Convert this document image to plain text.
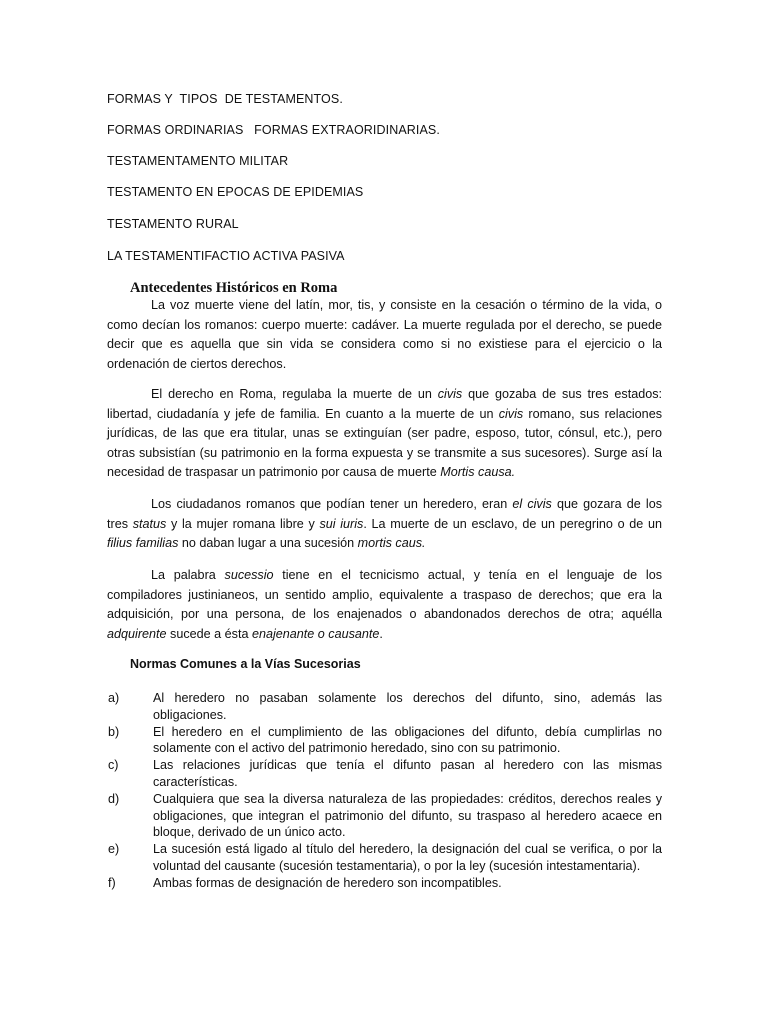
FORMAS Y  TIPOS  DE TESTAMENTOS.
FORMAS ORDINARIAS   FORMAS EXTRAORIDINARIAS.
TESTAMENTAMENTO MILITAR
TESTAMENTO EN EPOCAS DE EPIDEMIAS
TESTAMENTO RURAL
LA TESTAMENTIFACTIO ACTIVA PASIVA
Antecedentes Históricos en Roma
La voz muerte viene del latín, mor, tis, y consiste en la cesación o término de la vida, o como decían los romanos: cuerpo muerte: cadáver. La muerte regulada por el derecho, se puede decir que es aquella que sin vida se considera como si no existiese para el ejercicio o la ordenación de ciertos derechos.
El derecho en Roma, regulaba la muerte de un civis que gozaba de sus tres estados: libertad, ciudadanía y jefe de familia. En cuanto a la muerte de un civis romano, sus relaciones jurídicas, de las que era titular, unas se extinguían (ser padre, esposo, tutor, cónsul, etc.), pero otras subsistían (su patrimonio en la forma expuesta y se transmite a sus sucesores). Surge así la necesidad de traspasar un patrimonio por causa de muerte Mortis causa.
Los ciudadanos romanos que podían tener un heredero, eran el civis que gozara de los tres status y la mujer romana libre y sui iuris. La muerte de un esclavo, de un peregrino o de un filius familias no daban lugar a una sucesión mortis caus.
La palabra sucessio tiene en el tecnicismo actual, y tenía en el lenguaje de los compiladores justinianeos, un sentido amplio, equivalente a traspaso de derechos; que era la adquisición, por una persona, de los enajenados o abandonados derechos de otra; aquélla adquirente sucede a ésta enajenante o causante.
Normas Comunes a la Vías Sucesorias
a)	Al heredero no pasaban solamente los derechos del difunto, sino, además las obligaciones.
b)	El heredero en el cumplimiento de las obligaciones del difunto, debía cumplirlas no solamente con el activo del patrimonio heredado, sino con su patrimonio.
c)	Las relaciones jurídicas que tenía el difunto pasan al heredero con las mismas características.
d)	Cualquiera que sea la diversa naturaleza de las propiedades: créditos, derechos reales y obligaciones, que integran el patrimonio del difunto, su traspaso al heredero acaece en bloque, derivado de un único acto.
e)	La sucesión está ligado al título del heredero, la designación del cual se verifica, o por la voluntad del causante (sucesión testamentaria), o por la ley (sucesión intestamentaria).
f)	Ambas formas de designación de heredero son incompatibles.
